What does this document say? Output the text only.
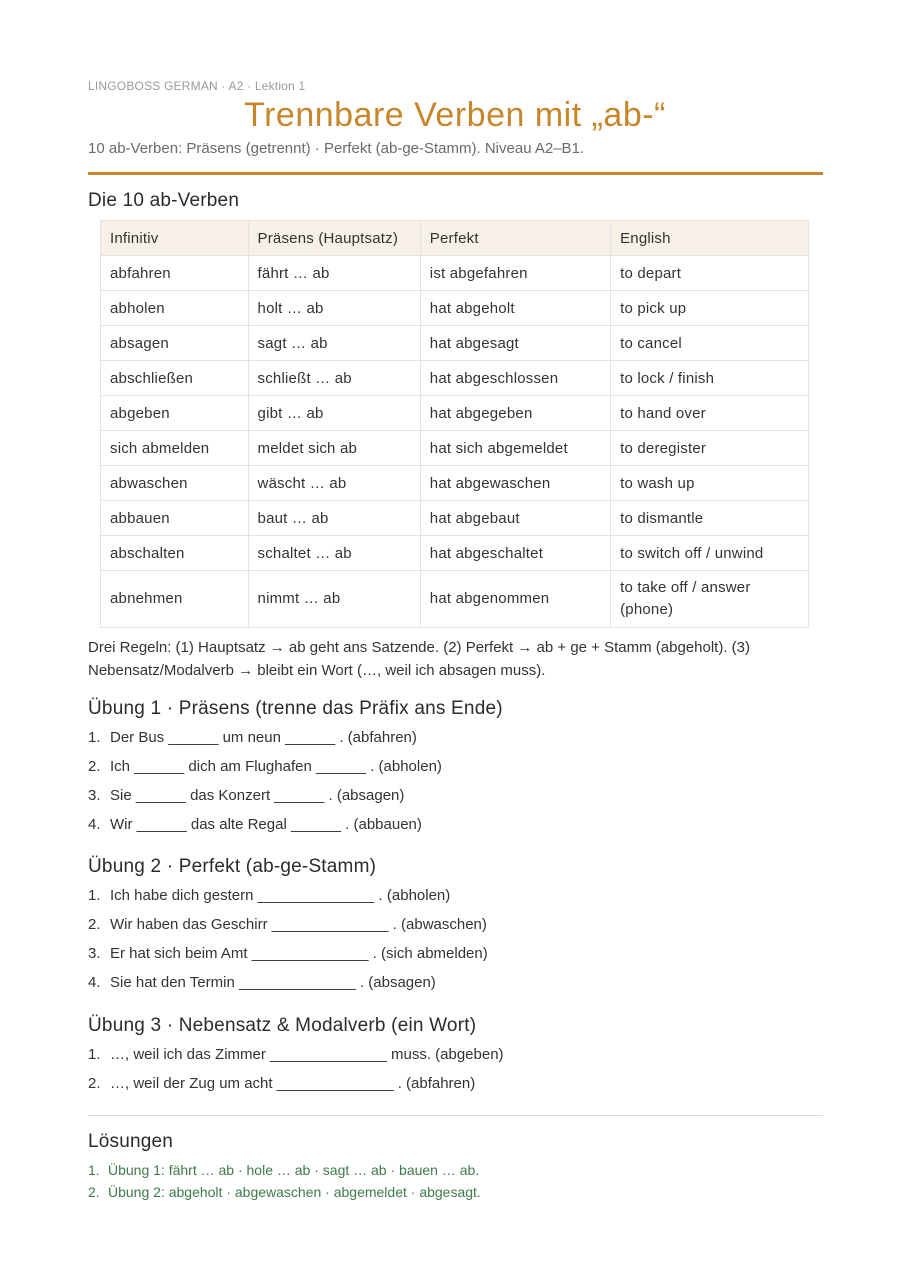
LINGOBOSS GERMAN · A2 · Lektion 1
Trennbare Verben mit „ab-“
10 ab-Verben: Präsens (getrennt) · Perfekt (ab-ge-Stamm). Niveau A2–B1.
Die 10 ab-Verben
Infinitiv	Präsens (Hauptsatz)	Perfekt	English
abfahren	fährt … ab	ist abgefahren	to depart
abholen	holt … ab	hat abgeholt	to pick up
absagen	sagt … ab	hat abgesagt	to cancel
abschließen	schließt … ab	hat abgeschlossen	to lock / finish
abgeben	gibt … ab	hat abgegeben	to hand over
sich abmelden	meldet sich ab	hat sich abgemeldet	to deregister
abwaschen	wäscht … ab	hat abgewaschen	to wash up
abbauen	baut … ab	hat abgebaut	to dismantle
abschalten	schaltet … ab	hat abgeschaltet	to switch off / unwind
abnehmen	nimmt … ab	hat abgenommen	to take off / answer (phone)
Drei Regeln: (1) Hauptsatz → ab geht ans Satzende. (2) Perfekt → ab + ge + Stamm (abgeholt). (3) Nebensatz/Modalverb → bleibt ein Wort (…, weil ich absagen muss).
Übung 1 · Präsens (trenne das Präfix ans Ende)
1. Der Bus ______ um neun ______ . (abfahren)
2. Ich ______ dich am Flughafen ______ . (abholen)
3. Sie ______ das Konzert ______ . (absagen)
4. Wir ______ das alte Regal ______ . (abbauen)
Übung 2 · Perfekt (ab-ge-Stamm)
1. Ich habe dich gestern ______________ . (abholen)
2. Wir haben das Geschirr ______________ . (abwaschen)
3. Er hat sich beim Amt ______________ . (sich abmelden)
4. Sie hat den Termin ______________ . (absagen)
Übung 3 · Nebensatz & Modalverb (ein Wort)
1. …, weil ich das Zimmer ______________ muss. (abgeben)
2. …, weil der Zug um acht ______________ . (abfahren)
Lösungen
1. Übung 1: fährt … ab · hole … ab · sagt … ab · bauen … ab.
2. Übung 2: abgeholt · abgewaschen · abgemeldet · abgesagt.
